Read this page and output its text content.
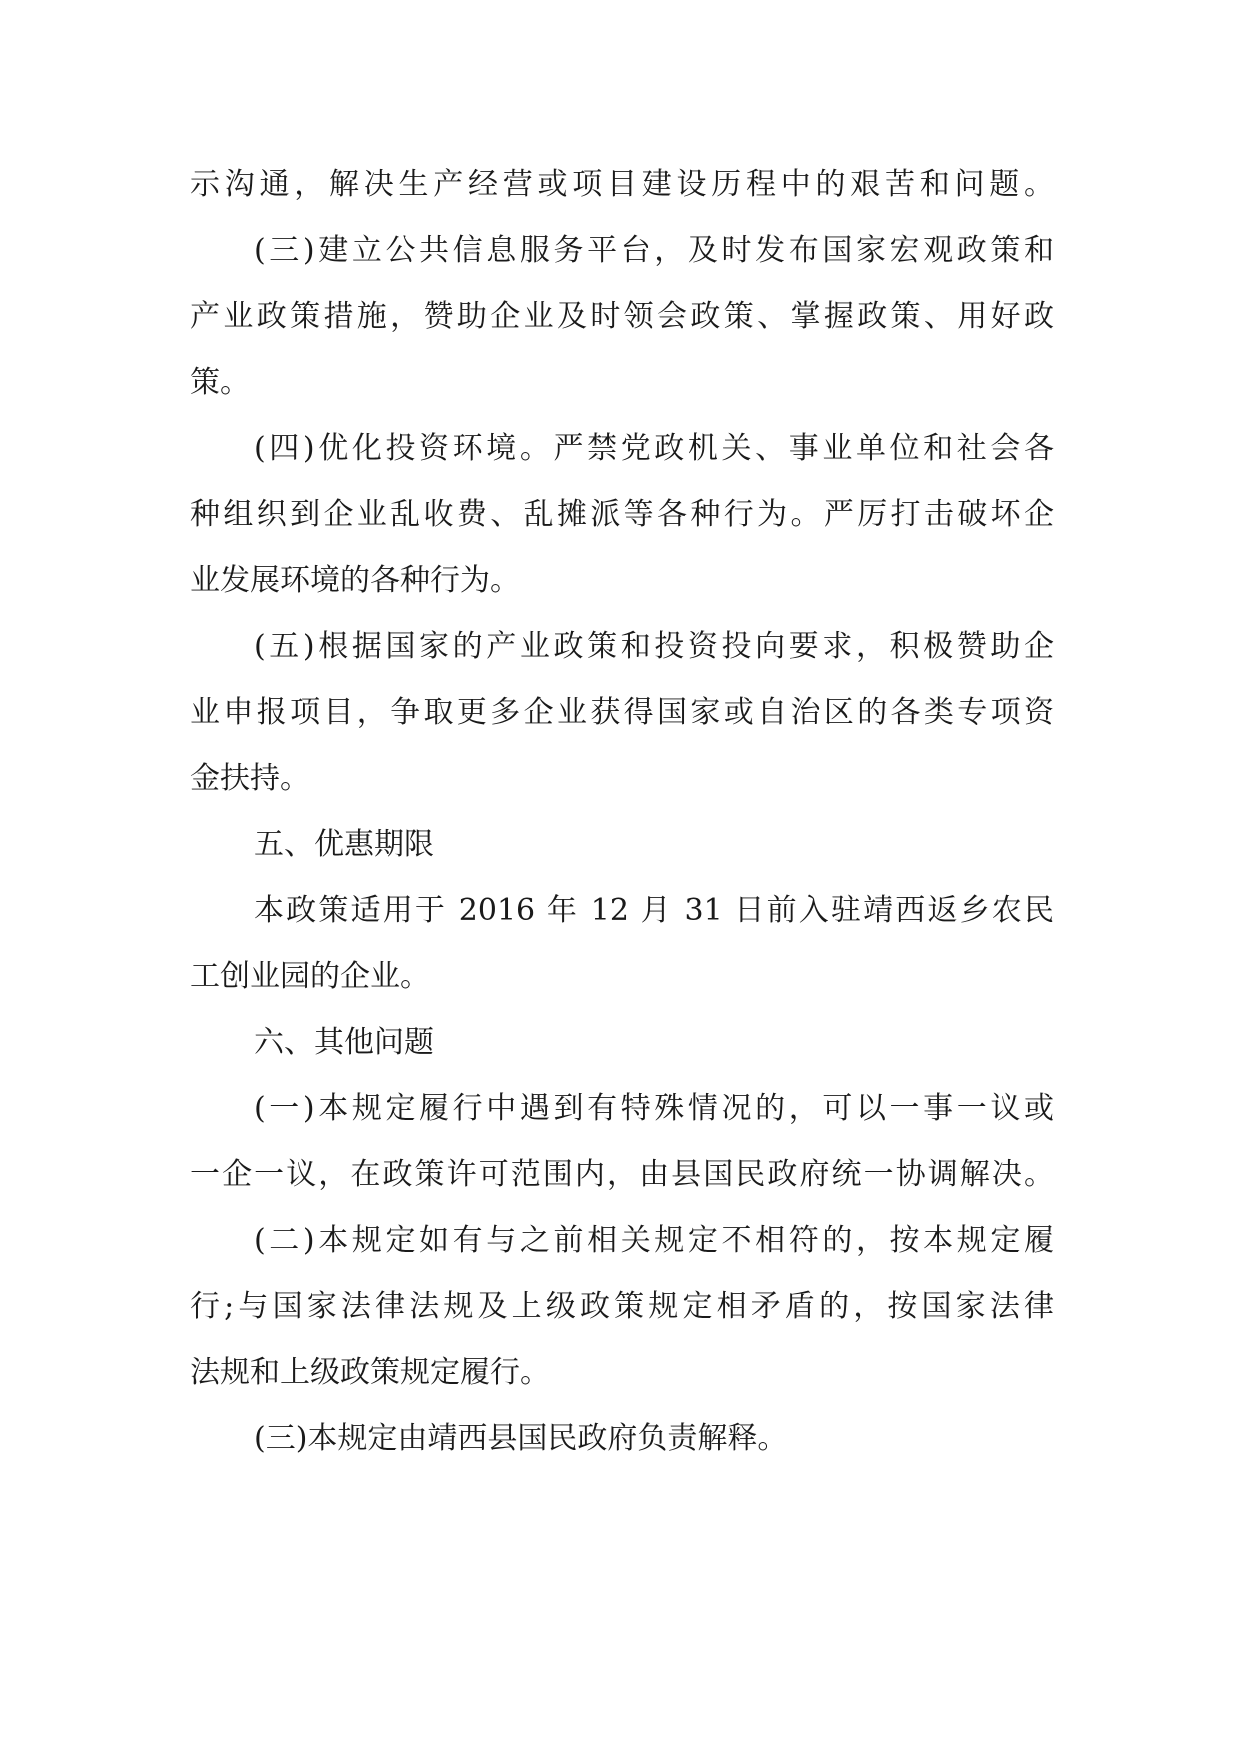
示沟通，解决生产经营或项目建设历程中的艰苦和问题。
(三)建立公共信息服务平台，及时发布国家宏观政策和
产业政策措施，赞助企业及时领会政策、掌握政策、用好政
策。
(四)优化投资环境。严禁党政机关、事业单位和社会各
种组织到企业乱收费、乱摊派等各种行为。严厉打击破坏企
业发展环境的各种行为。
(五)根据国家的产业政策和投资投向要求，积极赞助企
业申报项目，争取更多企业获得国家或自治区的各类专项资
金扶持。
五、优惠期限
本政策适用于 2016 年 12 月 31 日前入驻靖西返乡农民
工创业园的企业。
六、其他问题
(一)本规定履行中遇到有特殊情况的，可以一事一议或
一企一议，在政策许可范围内，由县国民政府统一协调解决。
(二)本规定如有与之前相关规定不相符的，按本规定履
行;与国家法律法规及上级政策规定相矛盾的，按国家法律
法规和上级政策规定履行。
(三)本规定由靖西县国民政府负责解释。
